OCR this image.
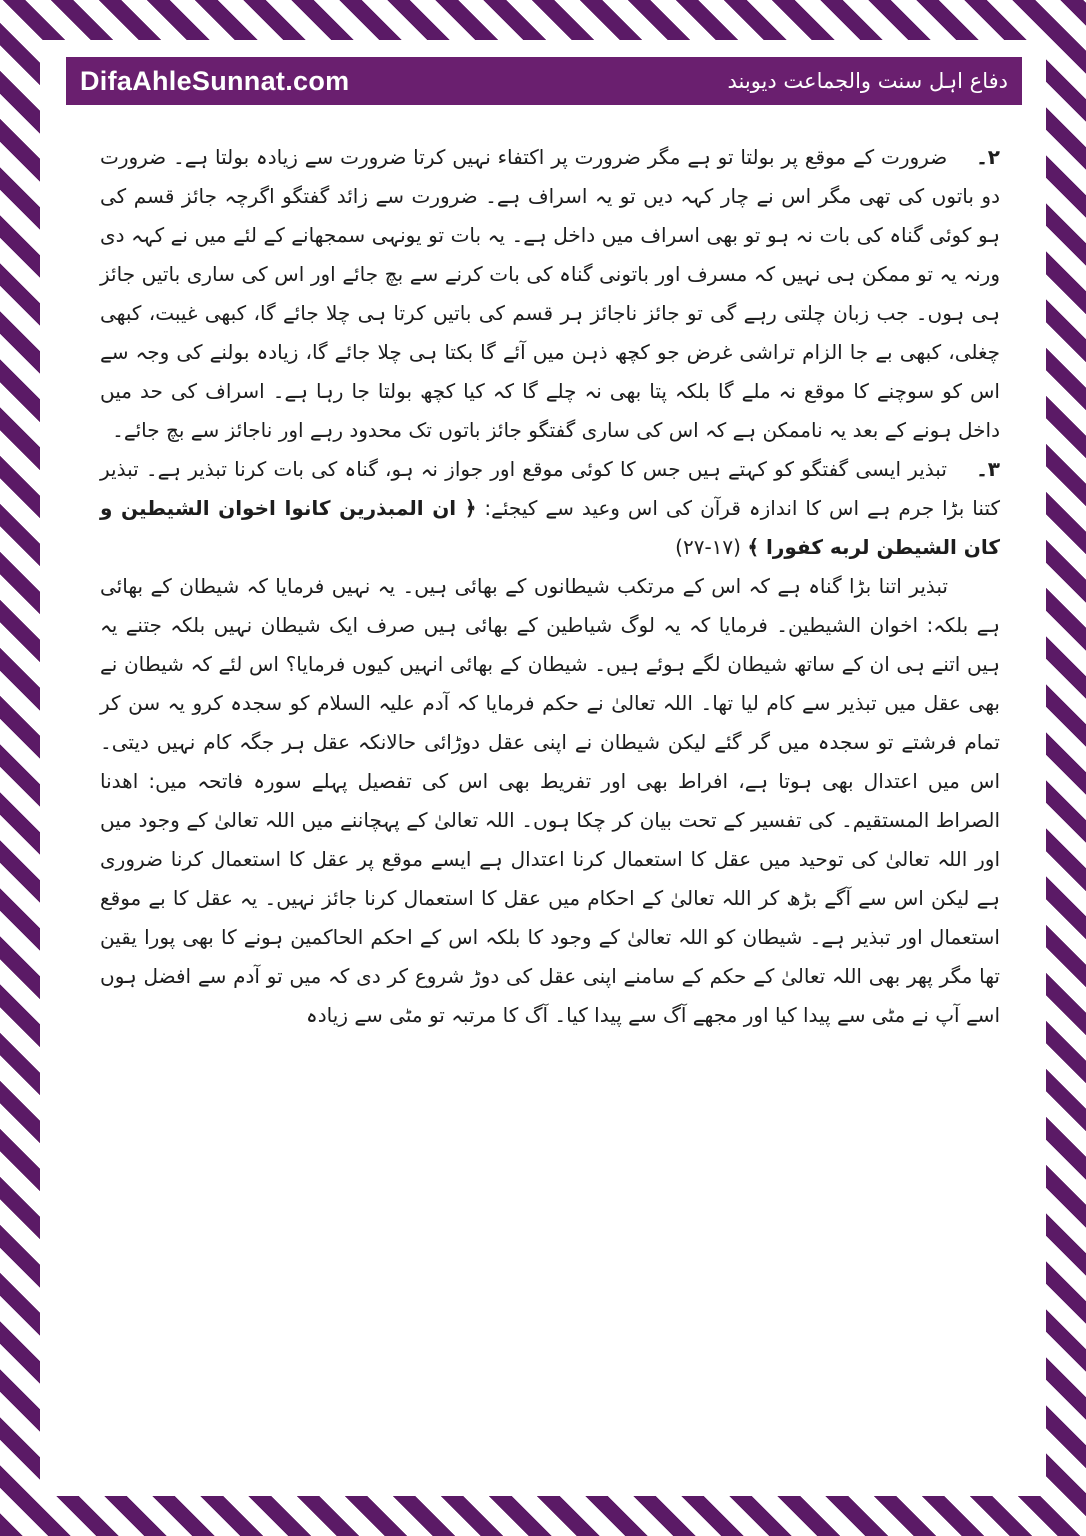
DifaAhleSunnat.com	دفاع اہل سنت والجماعت دیوبند

۲۔ ضرورت کے موقع پر بولتا تو ہے مگر ضرورت پر اکتفاء نہیں کرتا ضرورت سے زیادہ بولتا ہے۔ ضرورت دو باتوں کی تھی مگر اس نے چار کہہ دیں تو یہ اسراف ہے۔ ضرورت سے زائد گفتگو اگرچہ جائز قسم کی ہو کوئی گناہ کی بات نہ ہو تو بھی اسراف میں داخل ہے۔ یہ بات تو یونہی سمجھانے کے لئے میں نے کہہ دی ورنہ یہ تو ممکن ہی نہیں کہ مسرف اور باتونی گناہ کی بات کرنے سے بچ جائے اور اس کی ساری باتیں جائز ہی ہوں۔ جب زبان چلتی رہے گی تو جائز ناجائز ہر قسم کی باتیں کرتا ہی چلا جائے گا، کبھی غیبت، کبھی چغلی، کبھی بے جا الزام تراشی غرض جو کچھ ذہن میں آئے گا بکتا ہی چلا جائے گا، زیادہ بولنے کی وجہ سے اس کو سوچنے کا موقع نہ ملے گا بلکہ پتا بھی نہ چلے گا کہ کیا کچھ بولتا جا رہا ہے۔ اسراف کی حد میں داخل ہونے کے بعد یہ ناممکن ہے کہ اس کی ساری گفتگو جائز باتوں تک محدود رہے اور ناجائز سے بچ جائے۔

۳۔ تبذیر ایسی گفتگو کو کہتے ہیں جس کا کوئی موقع اور جواز نہ ہو، گناہ کی بات کرنا تبذیر ہے۔ تبذیر کتنا بڑا جرم ہے اس کا اندازہ قرآن کی اس وعید سے کیجئے: ﴿ ان المبذرين كانوا اخوان الشيطين و كان الشيطن لربه كفورا ﴾ (۱۷-۲۷)

تبذیر اتنا بڑا گناہ ہے کہ اس کے مرتکب شیطانوں کے بھائی ہیں۔ یہ نہیں فرمایا کہ شیطان کے بھائی ہے بلکہ: اخوان الشیطین۔ فرمایا کہ یہ لوگ شیاطین کے بھائی ہیں صرف ایک شیطان نہیں بلکہ جتنے یہ ہیں اتنے ہی ان کے ساتھ شیطان لگے ہوئے ہیں۔ شیطان کے بھائی انہیں کیوں فرمایا؟ اس لئے کہ شیطان نے بھی عقل میں تبذیر سے کام لیا تھا۔ اللہ تعالیٰ نے حکم فرمایا کہ آدم علیہ السلام کو سجدہ کرو یہ سن کر تمام فرشتے تو سجدہ میں گر گئے لیکن شیطان نے اپنی عقل دوڑائی حالانکہ عقل ہر جگہ کام نہیں دیتی۔ اس میں اعتدال بھی ہوتا ہے، افراط بھی اور تفریط بھی اس کی تفصیل پہلے سورہ فاتحہ میں: اھدنا الصراط المستقیم۔ کی تفسیر کے تحت بیان کر چکا ہوں۔ اللہ تعالیٰ کے پہچاننے میں اللہ تعالیٰ کے وجود میں اور اللہ تعالیٰ کی توحید میں عقل کا استعمال کرنا اعتدال ہے ایسے موقع پر عقل کا استعمال کرنا ضروری ہے لیکن اس سے آگے بڑھ کر اللہ تعالیٰ کے احکام میں عقل کا استعمال کرنا جائز نہیں۔ یہ عقل کا بے موقع استعمال اور تبذیر ہے۔ شیطان کو اللہ تعالیٰ کے وجود کا بلکہ اس کے احکم الحاکمین ہونے کا بھی پورا یقین تھا مگر پھر بھی اللہ تعالیٰ کے حکم کے سامنے اپنی عقل کی دوڑ شروع کر دی کہ میں تو آدم سے افضل ہوں اسے آپ نے مٹی سے پیدا کیا اور مجھے آگ سے پیدا کیا۔ آگ کا مرتبہ تو مٹی سے زیادہ
